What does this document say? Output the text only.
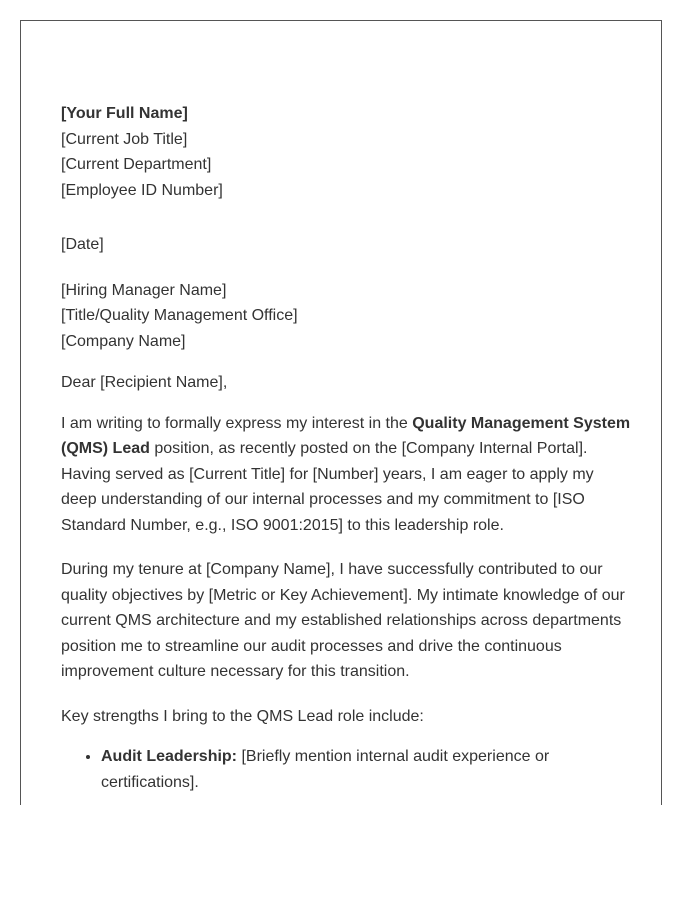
[Your Full Name]
[Current Job Title]
[Current Department]
[Employee ID Number]
[Date]
[Hiring Manager Name]
[Title/Quality Management Office]
[Company Name]
Dear [Recipient Name],

I am writing to formally express my interest in the Quality Management System (QMS) Lead position, as recently posted on the [Company Internal Portal]. Having served as [Current Title] for [Number] years, I am eager to apply my deep understanding of our internal processes and my commitment to [ISO Standard Number, e.g., ISO 9001:2015] to this leadership role.

During my tenure at [Company Name], I have successfully contributed to our quality objectives by [Metric or Key Achievement]. My intimate knowledge of our current QMS architecture and my established relationships across departments position me to streamline our audit processes and drive the continuous improvement culture necessary for this transition.

Key strengths I bring to the QMS Lead role include:

• Audit Leadership: [Briefly mention internal audit experience or certifications].
